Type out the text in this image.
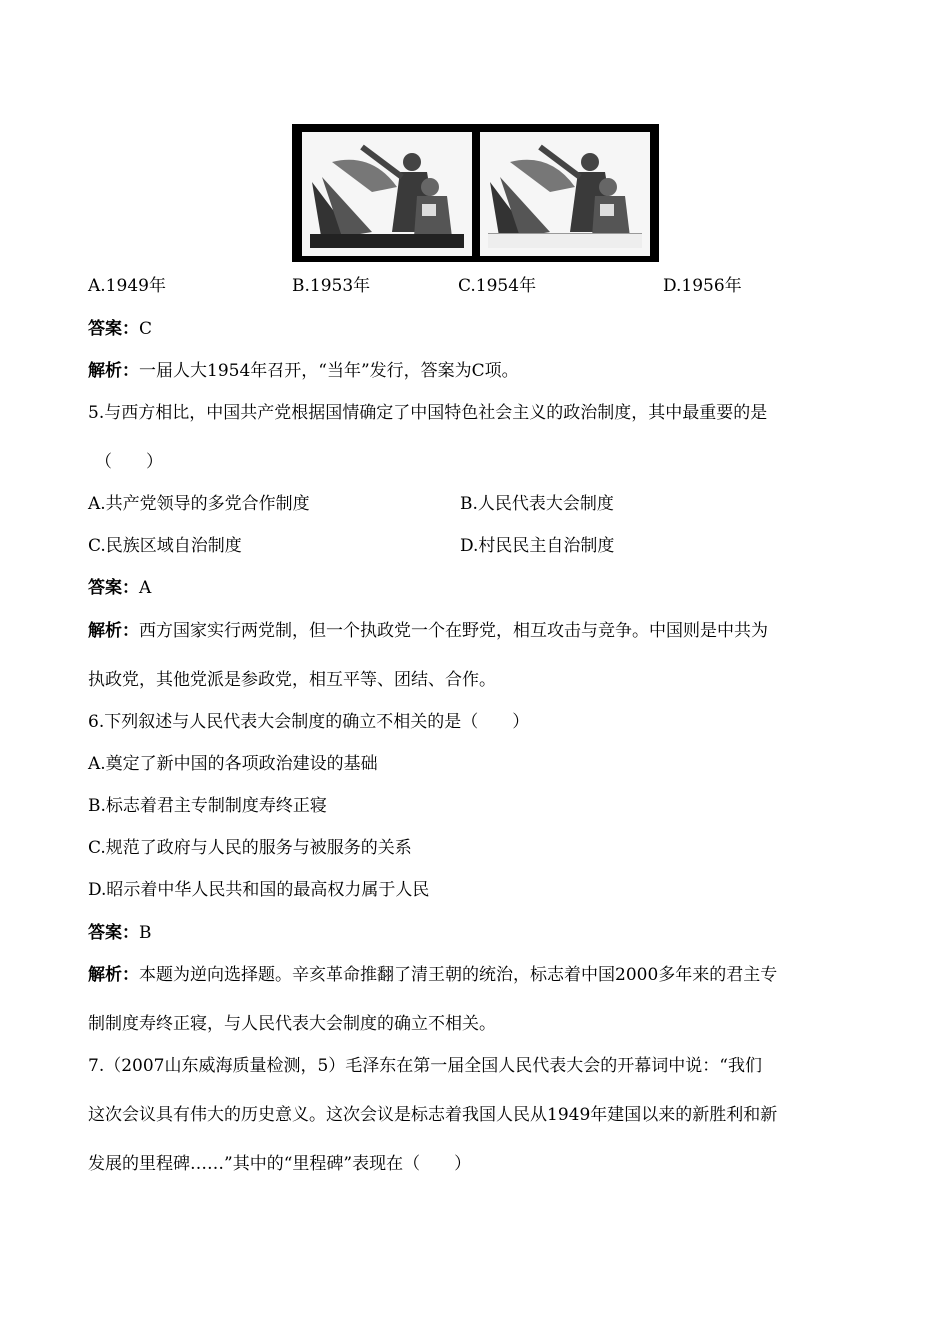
A.1949年	B.1953年	C.1954年	D.1956年
答案：C
解析：一届人大1954年召开，“当年”发行，答案为C项。
5.与西方相比，中国共产党根据国情确定了中国特色社会主义的政治制度，其中最重要的是
（　　）
A.共产党领导的多党合作制度	B.人民代表大会制度
C.民族区域自治制度	D.村民民主自治制度
答案：A
解析：西方国家实行两党制，但一个执政党一个在野党，相互攻击与竞争。中国则是中共为
执政党，其他党派是参政党，相互平等、团结、合作。
6.下列叙述与人民代表大会制度的确立不相关的是（　　）
A.奠定了新中国的各项政治建设的基础
B.标志着君主专制制度寿终正寝
C.规范了政府与人民的服务与被服务的关系
D.昭示着中华人民共和国的最高权力属于人民
答案：B
解析：本题为逆向选择题。辛亥革命推翻了清王朝的统治，标志着中国2000多年来的君主专
制制度寿终正寝，与人民代表大会制度的确立不相关。
7.（2007山东威海质量检测，5）毛泽东在第一届全国人民代表大会的开幕词中说：“我们
这次会议具有伟大的历史意义。这次会议是标志着我国人民从1949年建国以来的新胜利和新
发展的里程碑……”其中的“里程碑”表现在（　　）
